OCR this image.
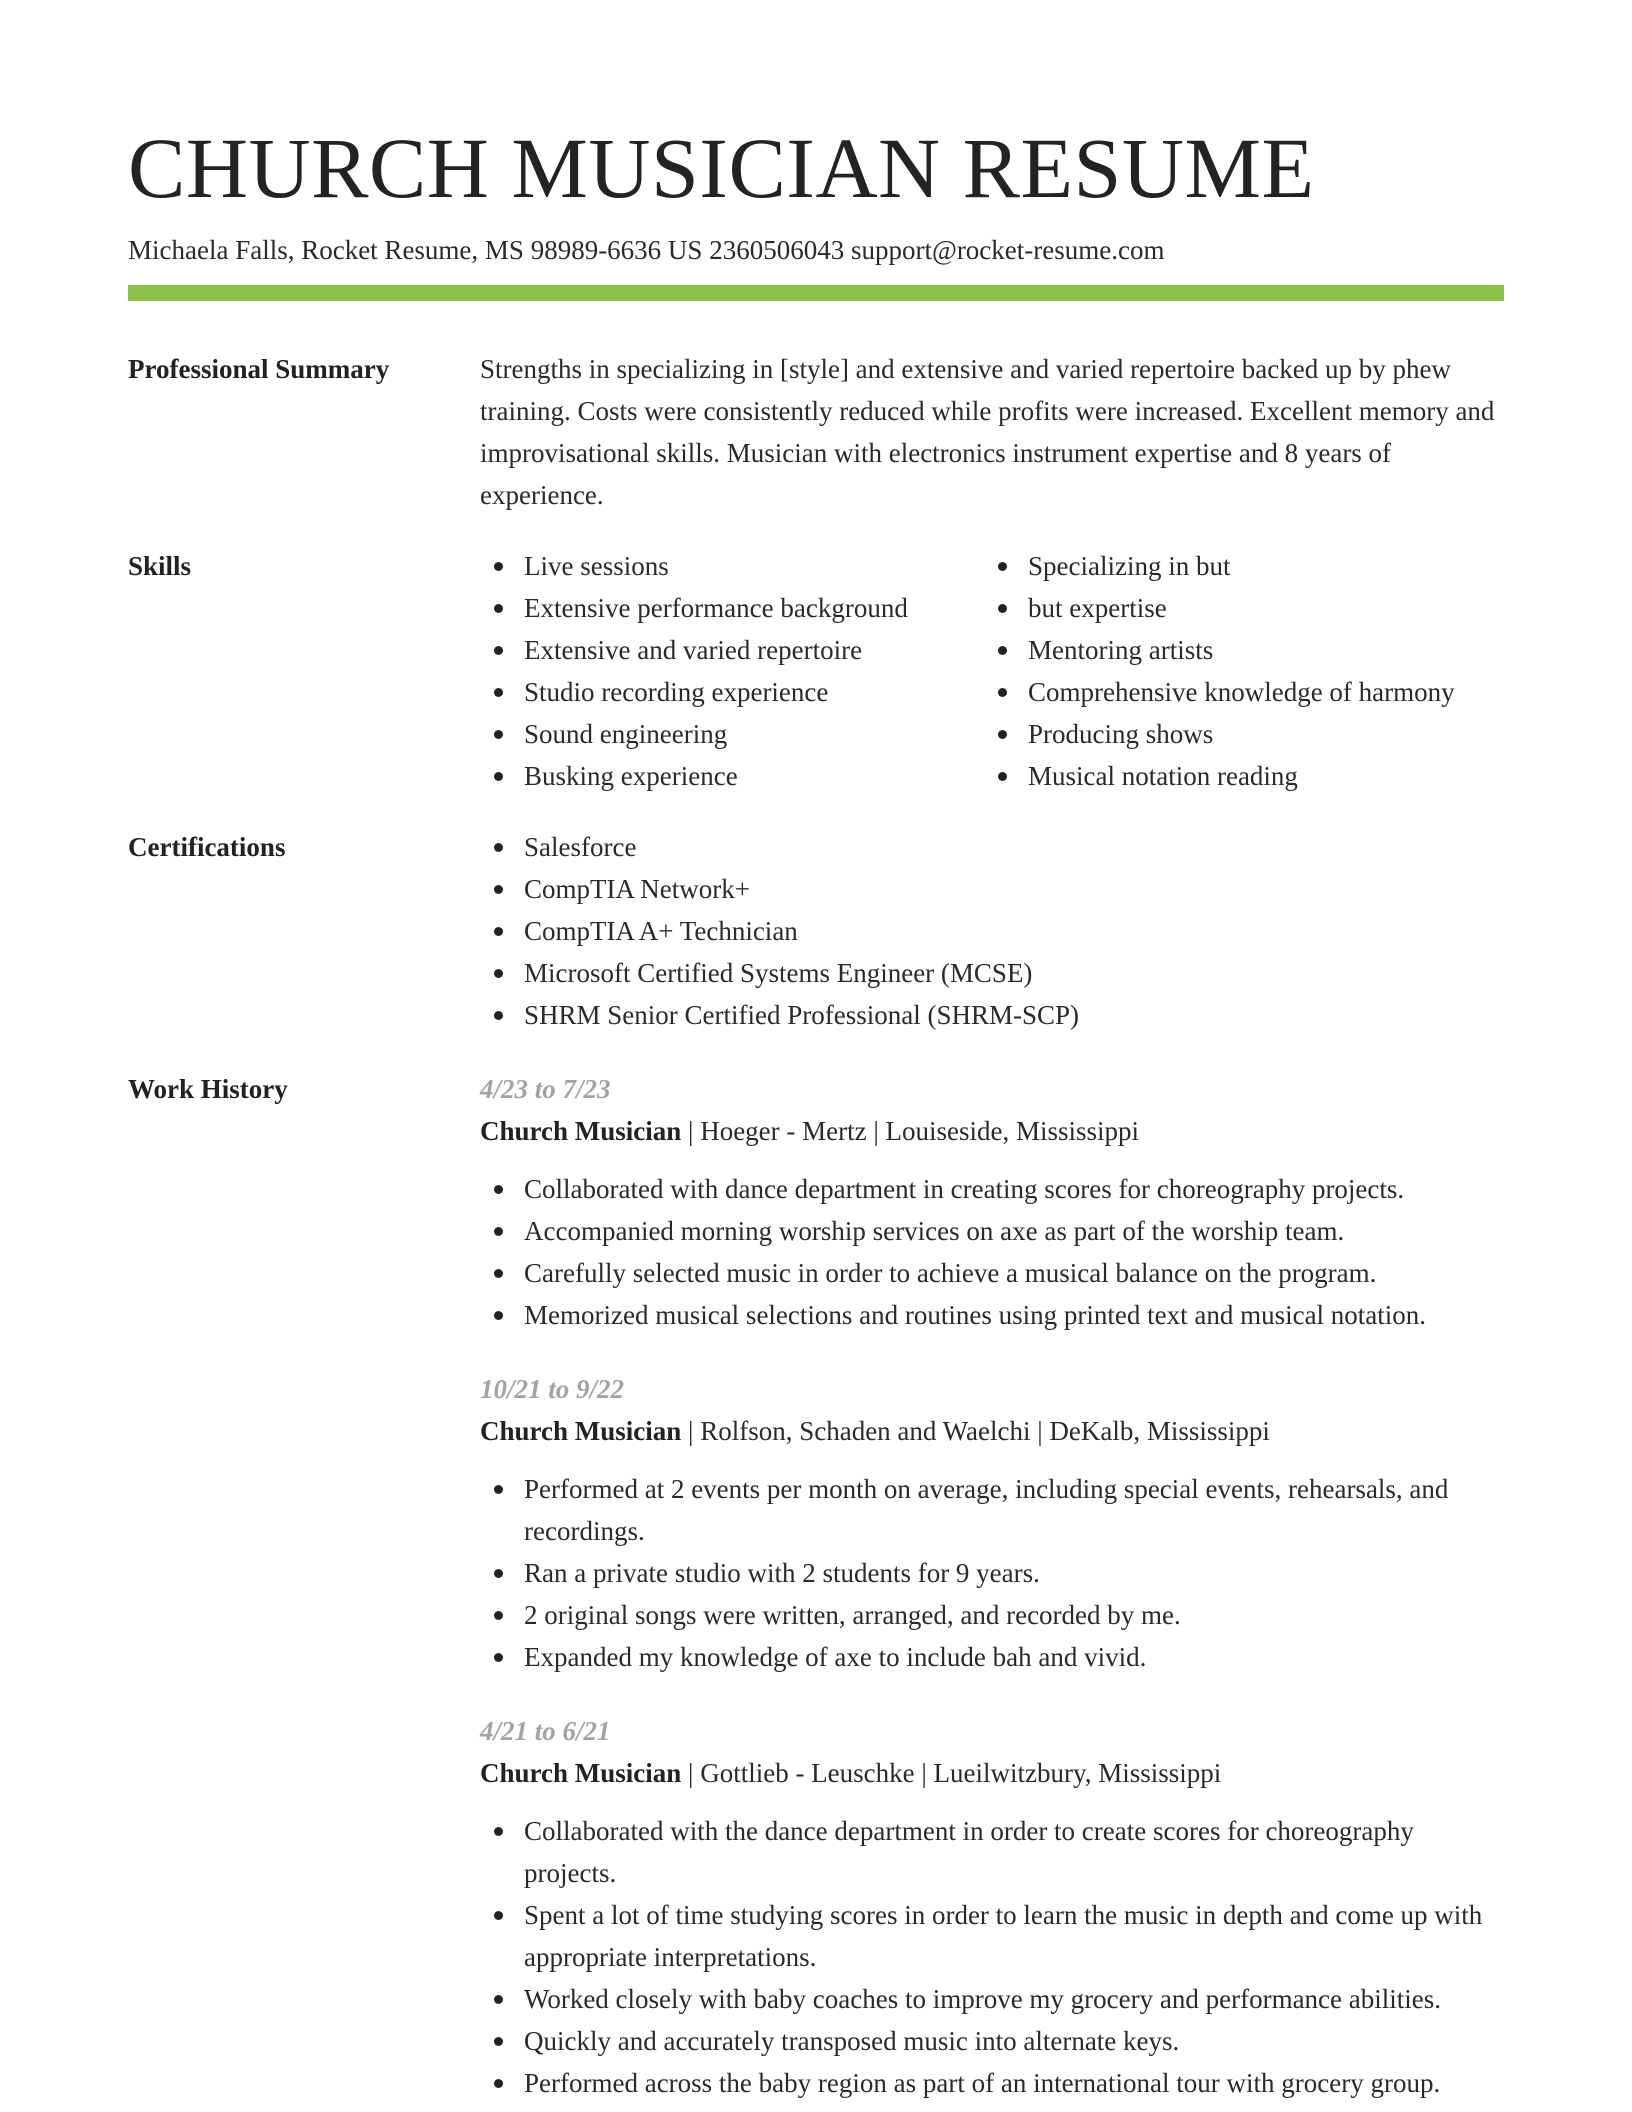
CHURCH MUSICIAN RESUME
Michaela Falls, Rocket Resume, MS 98989-6636 US 2360506043 support@rocket-resume.com
Professional Summary	Strengths in specializing in [style] and extensive and varied repertoire backed up by phew training. Costs were consistently reduced while profits were increased. Excellent memory and improvisational skills. Musician with electronics instrument expertise and 8 years of experience.
Skills	Live sessions
Extensive performance background
Extensive and varied repertoire
Studio recording experience
Sound engineering
Busking experience
Specializing in but
but expertise
Mentoring artists
Comprehensive knowledge of harmony
Producing shows
Musical notation reading
Certifications	Salesforce
CompTIA Network+
CompTIA A+ Technician
Microsoft Certified Systems Engineer (MCSE)
SHRM Senior Certified Professional (SHRM-SCP)
Work History	4/23 to 7/23
Church Musician | Hoeger - Mertz | Louiseside, Mississippi
Collaborated with dance department in creating scores for choreography projects.
Accompanied morning worship services on axe as part of the worship team.
Carefully selected music in order to achieve a musical balance on the program.
Memorized musical selections and routines using printed text and musical notation.
10/21 to 9/22
Church Musician | Rolfson, Schaden and Waelchi | DeKalb, Mississippi
Performed at 2 events per month on average, including special events, rehearsals, and recordings.
Ran a private studio with 2 students for 9 years.
2 original songs were written, arranged, and recorded by me.
Expanded my knowledge of axe to include bah and vivid.
4/21 to 6/21
Church Musician | Gottlieb - Leuschke | Lueilwitzbury, Mississippi
Collaborated with the dance department in order to create scores for choreography projects.
Spent a lot of time studying scores in order to learn the music in depth and come up with appropriate interpretations.
Worked closely with baby coaches to improve my grocery and performance abilities.
Quickly and accurately transposed music into alternate keys.
Performed across the baby region as part of an international tour with grocery group.
